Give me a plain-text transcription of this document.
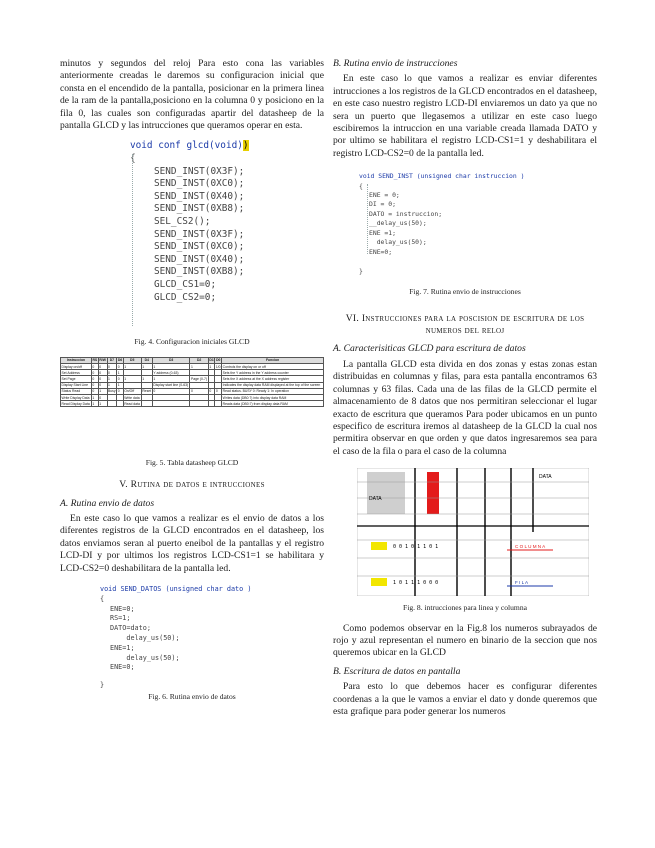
minutos y segundos del reloj Para esto cona las variables anteriormente creadas le daremos su configuracion inicial que consta en el encendido de la pantalla, posicionar en la primera linea de la ram de la pantalla,posiciono en la columna 0 y posiciono en la fila 0, las cuales son configuradas apartir del datasheep de la pantalla GLCD y las intrucciones que queramos operar en esta.

void conf glcd(void))
{
SEND_INST(0X3F);
SEND_INST(0XC0);
SEND_INST(0X40);
SEND_INST(0XB8);
SEL_CS2();
SEND_INST(0X3F);
SEND_INST(0XC0);
SEND_INST(0X40);
SEND_INST(0XB8);
GLCD_CS1=0;
GLCD_CS2=0;
Fig. 4. Configuracion iniciales GLCD
Instruccion	RS	R/W	D7	D6	D5	D4	D3	D2	D1	D0	Funcion
Display on/off	0	0	0	0	1	1	1	1	1	1/0	Controls the display on or off
Set Address	0	0	0	1			Y address (0-63)				Sets the Y address in the Y address counter
Set Page	0	0	1	0	1	1	1	Page (0-7)			Sets the X address at the X address register
Display Start Line	0	0	1	1			Display start line (0-63)				Indicates the display data RAM displayed at the top of the screen
Status Read	0	1	Busy	0	On/Off	Reset	0	0	0	0	Read status. BUSY 0: Ready 1: In operation
Write Display Data	1	0			Write data						Writes data (DB0:7) into display data RAM
Read Display Data	1	1			Read data						Reads data (DB0:7) from display data RAM
Fig. 5. Tabla datasheep GLCD
V. Rutina de datos e intrucciones
A. Rutina envio de datos

En este caso lo que vamos a realizar es el envio de datos a los diferentes registros de la GLCD encontrados en el datasheep, los datos enviamos seran al puerto eneibol de la pantallas y el registro LCD-DI y por ultimos los registros LCD-CS1=1 se habilitara y LCD-CS2=0 deshabilitara de la pantalla led.

void SEND_DATOS (unsigned char dato )
{
ENE=0;
RS=1;
DATO=dato;
delay_us(50);
ENE=1;
delay_us(50);
ENE=0;
}
Fig. 6. Rutina envio de datos
B. Rutina envio de instrucciones

En este caso lo que vamos a realizar es enviar diferentes intrucciones a los registros de la GLCD encontrados en el datasheep, en este caso nuestro registro LCD-DI enviaremos un dato ya que no sera un puerto que llegasemos a utilizar en este caso luego escibiremos la intruccion en una variable creada llamada DATO y por ultimo se habilitara el registro LCD-CS1=1 y deshabilitara el registro LCD-CS2=0 de la pantalla led.

void SEND_INST (unsigned char instruccion )
{
ENE = 0;
DI = 0;
DATO = instruccion;
__delay_us(50);
ENE =1;
delay_us(50);
ENE=0;
}
Fig. 7. Rutina envio de instrucciones
VI. Instrucciones para la poscision de escritura de los numeros del reloj
A. Caracterisiticas GLCD para escritura de datos

La pantalla GLCD esta divida en dos zonas y estas zonas estan distribuidas en columnas y filas, para esta pantalla encontramos 63 columnas y 63 filas. Cada una de las filas de la GLCD permite el almacenamiento de 8 datos que nos permitiran seleccionar el lugar exacto de escritura que queramos Para poder ubicamos en un punto especifico de escritura iremos al datasheep de la GLCD la cual nos permitira observar en que orden y que datos ingresaremos sea para el caso de la fila o para el caso de la columna

DATA
0 0 1 0 1 1 0 1
1 0 1 1 1 0 0 0
C O L U M N A
F I L A
DATA
Fig. 8. intrucciones para linea y columna

Como podemos observar en la Fig.8 los numeros subrayados de rojo y azul representan el numero en binario de la seccion que nos queremos ubicar en la GLCD

B. Escritura de datos en pantalla

Para esto lo que debemos hacer es configurar diferentes coordenas a la que le vamos a enviar el dato y donde queremos que esta grafique para poder generar los numeros
